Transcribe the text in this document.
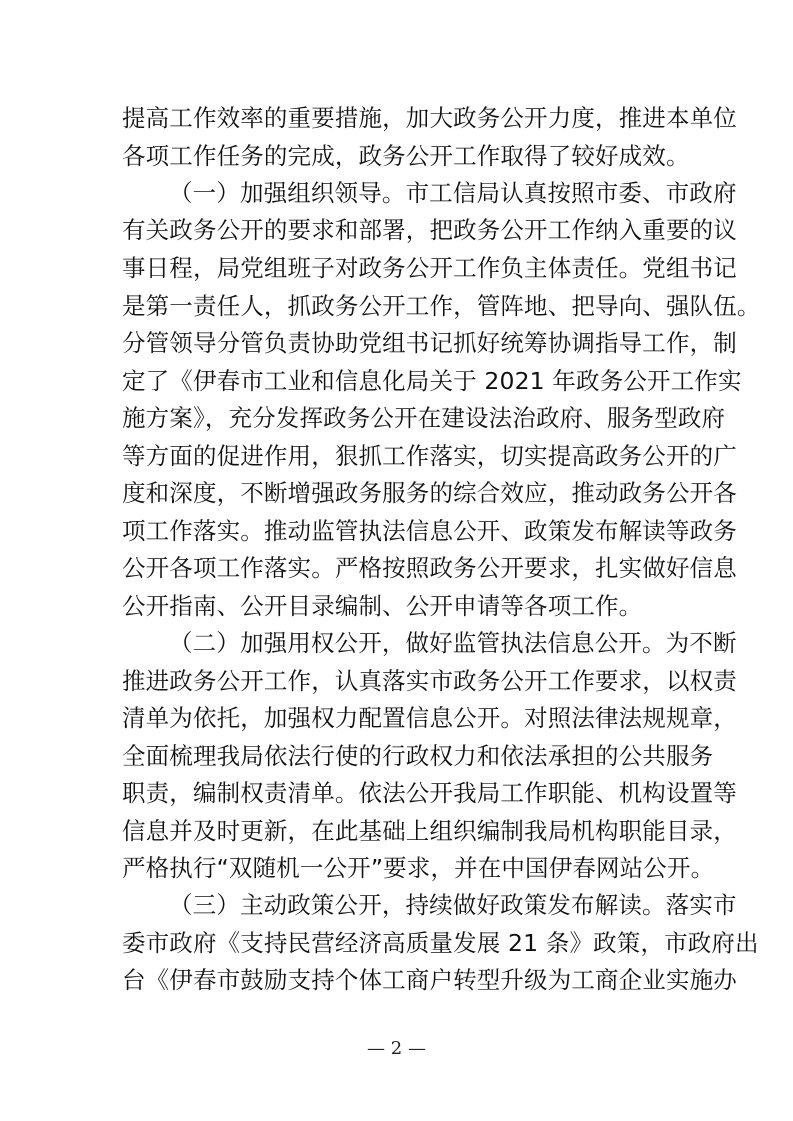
提高工作效率的重要措施，加大政务公开力度，推进本单位
各项工作任务的完成，政务公开工作取得了较好成效。
（一）加强组织领导。市工信局认真按照市委、市政府
有关政务公开的要求和部署，把政务公开工作纳入重要的议
事日程，局党组班子对政务公开工作负主体责任。党组书记
是第一责任人，抓政务公开工作，管阵地、把导向、强队伍。
分管领导分管负责协助党组书记抓好统筹协调指导工作，制
定了《伊春市工业和信息化局关于 2021 年政务公开工作实
施方案》，充分发挥政务公开在建设法治政府、服务型政府
等方面的促进作用，狠抓工作落实，切实提高政务公开的广
度和深度，不断增强政务服务的综合效应，推动政务公开各
项工作落实。推动监管执法信息公开、政策发布解读等政务
公开各项工作落实。严格按照政务公开要求，扎实做好信息
公开指南、公开目录编制、公开申请等各项工作。
（二）加强用权公开，做好监管执法信息公开。为不断
推进政务公开工作，认真落实市政务公开工作要求，以权责
清单为依托，加强权力配置信息公开。对照法律法规规章，
全面梳理我局依法行使的行政权力和依法承担的公共服务
职责，编制权责清单。依法公开我局工作职能、机构设置等
信息并及时更新，在此基础上组织编制我局机构职能目录，
严格执行“双随机一公开”要求，并在中国伊春网站公开。
（三）主动政策公开，持续做好政策发布解读。落实市
委市政府《支持民营经济高质量发展 21 条》政策，市政府出
台《伊春市鼓励支持个体工商户转型升级为工商企业实施办
— 2 —
